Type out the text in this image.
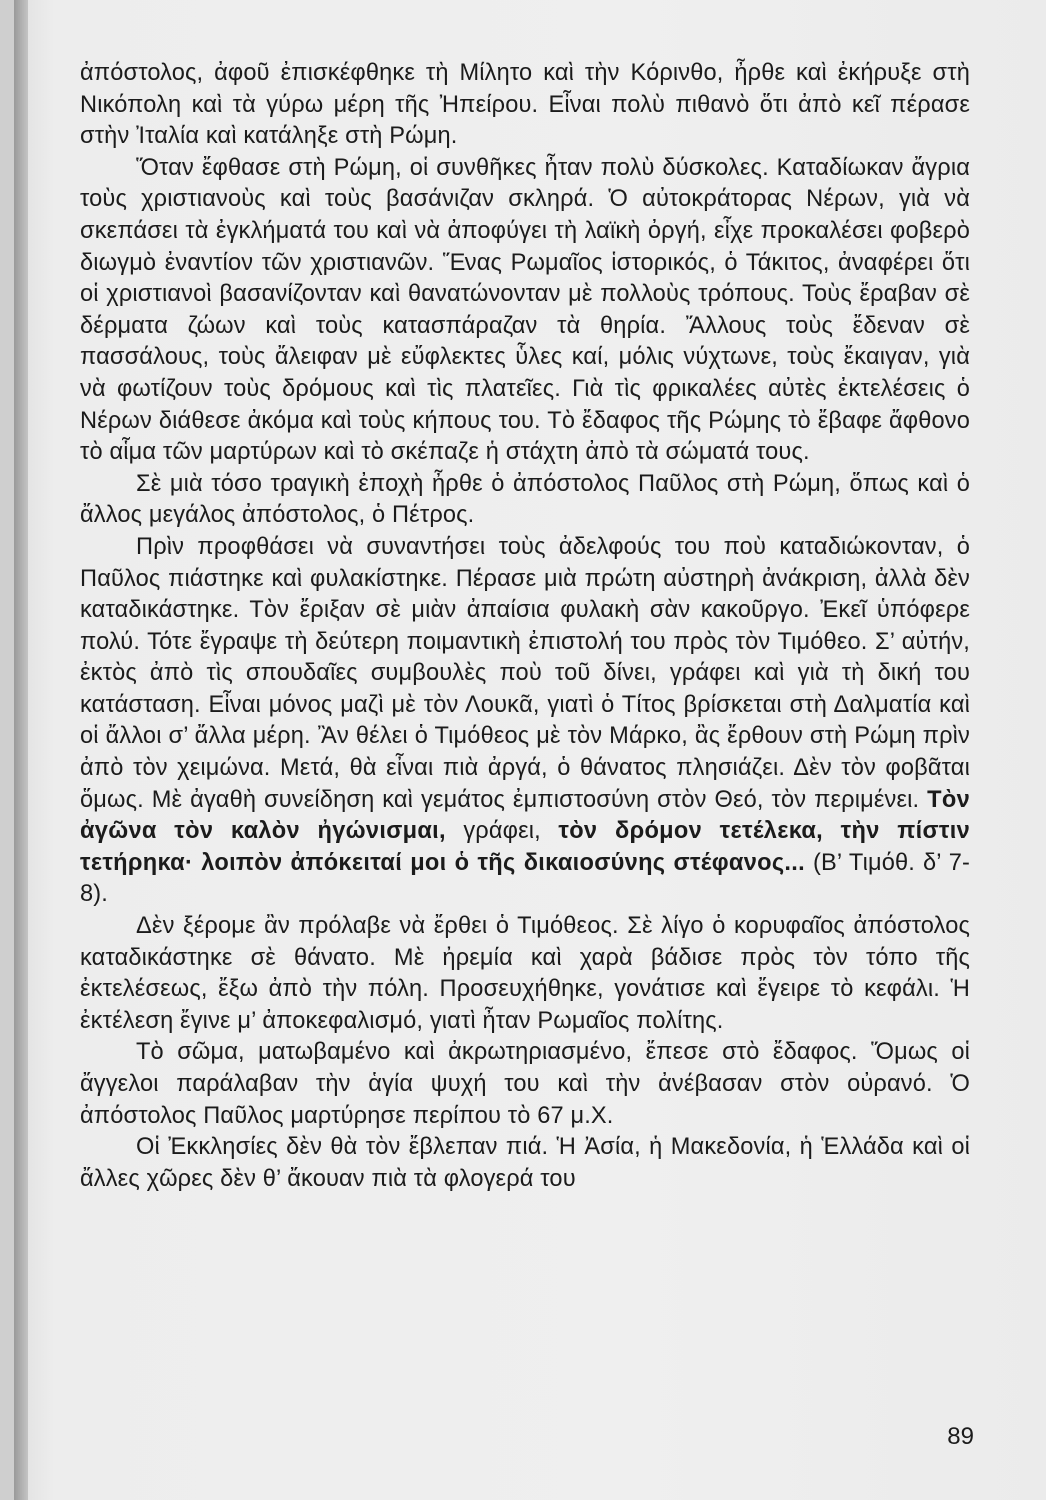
ἀπόστολος, ἀφοῦ ἐπισκέφθηκε τὴ Μίλητο καὶ τὴν Κόρινθο, ἦρθε καὶ ἐκήρυξε στὴ Νικόπολη καὶ τὰ γύρω μέρη τῆς Ἠπείρου. Εἶναι πολὺ πιθανὸ ὅτι ἀπὸ κεῖ πέρασε στὴν Ἰταλία καὶ κατάληξε στὴ Ρώμη.

Ὅταν ἔφθασε στὴ Ρώμη, οἱ συνθῆκες ἦταν πολὺ δύσκολες. Καταδίωκαν ἄγρια τοὺς χριστιανοὺς καὶ τοὺς βασάνιζαν σκληρά. Ὁ αὐτοκράτορας Νέρων, γιὰ νὰ σκεπάσει τὰ ἐγκλήματά του καὶ νὰ ἀποφύγει τὴ λαϊκὴ ὀργή, εἶχε προκαλέσει φοβερὸ διωγμὸ ἐναντίον τῶν χριστιανῶν. Ἕνας Ρωμαῖος ἱστορικός, ὁ Τάκιτος, ἀναφέρει ὅτι οἱ χριστιανοὶ βασανίζονταν καὶ θανατώνονταν μὲ πολλοὺς τρόπους. Τοὺς ἔραβαν σὲ δέρματα ζώων καὶ τοὺς κατασπάραζαν τὰ θηρία. Ἄλλους τοὺς ἔδεναν σὲ πασσάλους, τοὺς ἄλειφαν μὲ εὔφλεκτες ὗλες καί, μόλις νύχτωνε, τοὺς ἔκαιγαν, γιὰ νὰ φωτίζουν τοὺς δρόμους καὶ τὶς πλατεῖες. Γιὰ τὶς φρικαλέες αὐτὲς ἐκτελέσεις ὁ Νέρων διάθεσε ἀκόμα καὶ τοὺς κήπους του. Τὸ ἔδαφος τῆς Ρώμης τὸ ἔβαφε ἄφθονο τὸ αἷμα τῶν μαρτύρων καὶ τὸ σκέπαζε ἡ στάχτη ἀπὸ τὰ σώματά τους.

Σὲ μιὰ τόσο τραγικὴ ἐποχὴ ἦρθε ὁ ἀπόστολος Παῦλος στὴ Ρώμη, ὅπως καὶ ὁ ἄλλος μεγάλος ἀπόστολος, ὁ Πέτρος.

Πρὶν προφθάσει νὰ συναντήσει τοὺς ἀδελφούς του ποὺ καταδιώκονταν, ὁ Παῦλος πιάστηκε καὶ φυλακίστηκε. Πέρασε μιὰ πρώτη αὐστηρὴ ἀνάκριση, ἀλλὰ δὲν καταδικάστηκε. Τὸν ἔριξαν σὲ μιὰν ἀπαίσια φυλακὴ σὰν κακοῦργο. Ἐκεῖ ὑπόφερε πολύ. Τότε ἔγραψε τὴ δεύτερη ποιμαντικὴ ἐπιστολή του πρὸς τὸν Τιμόθεο. Σ’ αὐτήν, ἐκτὸς ἀπὸ τὶς σπουδαῖες συμβουλὲς ποὺ τοῦ δίνει, γράφει καὶ γιὰ τὴ δική του κατάσταση. Εἶναι μόνος μαζὶ μὲ τὸν Λουκᾶ, γιατὶ ὁ Τίτος βρίσκεται στὴ Δαλματία καὶ οἱ ἄλλοι σ’ ἄλλα μέρη. Ἂν θέλει ὁ Τιμόθεος μὲ τὸν Μάρκο, ἂς ἔρθουν στὴ Ρώμη πρὶν ἀπὸ τὸν χειμώνα. Μετά, θὰ εἶναι πιὰ ἀργά, ὁ θάνατος πλησιάζει. Δὲν τὸν φοβᾶται ὅμως. Μὲ ἀγαθὴ συνείδηση καὶ γεμάτος ἐμπιστοσύνη στὸν Θεό, τὸν περιμένει. Τὸν ἀγῶνα τὸν καλὸν ἠγώνισμαι, γράφει, τὸν δρόμον τετέλεκα, τὴν πίστιν τετήρηκα· λοιπὸν ἀπόκειταί μοι ὁ τῆς δικαιοσύνης στέφανος... (Β’ Τιμόθ. δ’ 7-8).

Δὲν ξέρομε ἂν πρόλαβε νὰ ἔρθει ὁ Τιμόθεος. Σὲ λίγο ὁ κορυφαῖος ἀπόστολος καταδικάστηκε σὲ θάνατο. Μὲ ἠρεμία καὶ χαρὰ βάδισε πρὸς τὸν τόπο τῆς ἐκτελέσεως, ἔξω ἀπὸ τὴν πόλη. Προσευχήθηκε, γονάτισε καὶ ἔγειρε τὸ κεφάλι. Ἡ ἐκτέλεση ἔγινε μ’ ἀποκεφαλισμό, γιατὶ ἦταν Ρωμαῖος πολίτης.

Τὸ σῶμα, ματωβαμένο καὶ ἀκρωτηριασμένο, ἔπεσε στὸ ἔδαφος. Ὅμως οἱ ἄγγελοι παράλαβαν τὴν ἁγία ψυχή του καὶ τὴν ἀνέβασαν στὸν οὐρανό. Ὁ ἀπόστολος Παῦλος μαρτύρησε περίπου τὸ 67 μ.Χ.

Οἱ Ἐκκλησίες δὲν θὰ τὸν ἔβλεπαν πιά. Ἡ Ἀσία, ἡ Μακεδονία, ἡ Ἑλλάδα καὶ οἱ ἄλλες χῶρες δὲν θ’ ἄκουαν πιὰ τὰ φλογερά του

89
